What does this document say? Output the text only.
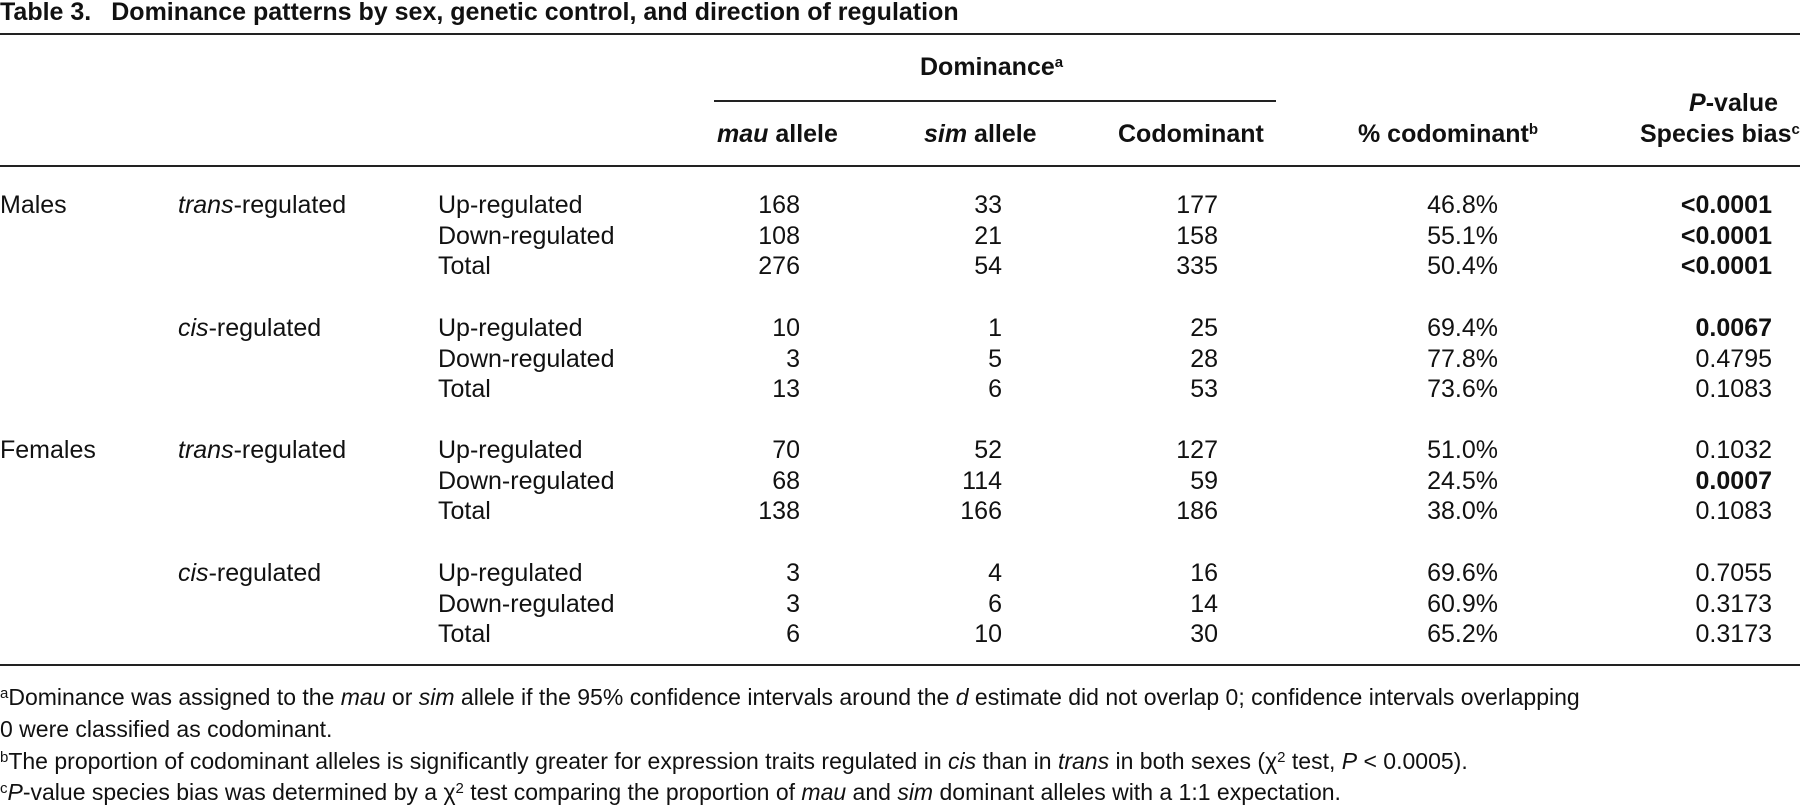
Table 3. Dominance patterns by sex, genetic control, and direction of regulation
Dominance$^a$
mau allele	sim allele	Codominant	% codominant$^b$
P-value
Species bias$^c$
Males	trans-regulated	Up-regulated	168	33	177	46.8%	<0.0001
Down-regulated	108	21	158	55.1%	<0.0001
Total	276	54	335	50.4%	<0.0001
cis-regulated	Up-regulated	10	1	25	69.4%	0.0067
Down-regulated	3	5	28	77.8%	0.4795
Total	13	6	53	73.6%	0.1083
Females	trans-regulated	Up-regulated	70	52	127	51.0%	0.1032
Down-regulated	68	114	59	24.5%	0.0007
Total	138	166	186	38.0%	0.1083
cis-regulated	Up-regulated	3	4	16	69.6%	0.7055
Down-regulated	3	6	14	60.9%	0.3173
Total	6	10	30	65.2%	0.3173
$^a$Dominance was assigned to the mau or sim allele if the 95% confidence intervals around the d estimate did not overlap 0; confidence intervals overlapping
0 were classified as codominant.
$^b$The proportion of codominant alleles is significantly greater for expression traits regulated in cis than in trans in both sexes ($\chi^2$ test, P < 0.0005).
$^c$P-value species bias was determined by a $\chi^2$ test comparing the proportion of mau and sim dominant alleles with a 1:1 expectation.
